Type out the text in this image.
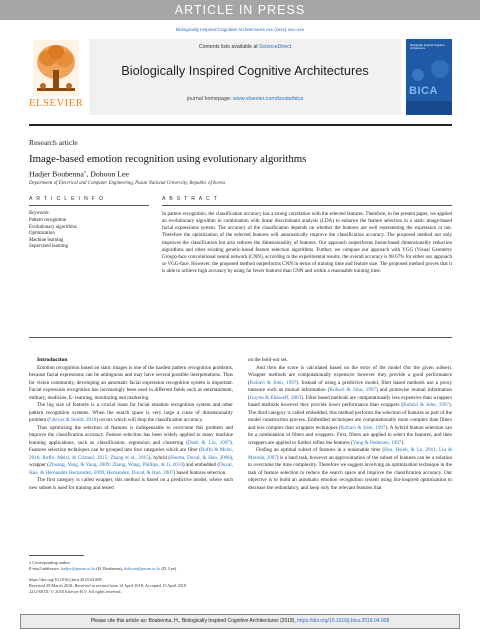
ARTICLE IN PRESS
Biologically Inspired Cognitive Architectures xxx (xxxx) xxx–xxx
ELSEVIER
Contents lists available at ScienceDirect
Biologically Inspired Cognitive Architectures
journal homepage: www.elsevier.com/locate/bica
Biologically Inspired Cognitive Architectures
BICA
Research article
Image-based emotion recognition using evolutionary algorithms
Hadjer Boubenna⁎, Dohoon Lee
Department of Electrical and Computer Engineering, Pusan National University, Republic of Korea
A R T I C L E I N F O	A B S T R A C T
Keywords:
Pattern recognition
Evolutionary algorithms
Optimization
Machine learning
Supervised learning
In pattern recognition, the classification accuracy has a strong correlation with the selected features. Therefore, in the present paper, we applied an evolutionary algorithm in combination with linear discriminant analysis (LDA) to enhance the feature selection in a static image-based facial expressions system. The accuracy of the classification depends on whether the features are well representing the expression or not. Therefore the optimization of the selected features will automatically improve the classification accuracy. The proposed method not only improves the classification but also reduces the dimensionality of features. Our approach outperforms linear-based dimensionality reduction algorithms and other existing genetic-based feature selection algorithms. Further, we compare our approach with VGG (Visual Geometry Group)-face convolutional neural network (CNN), according to the experimental results, the overall accuracy is 98.67% for either our approach or VGG-face. However, the proposed method outperforms CNN in terms of training time and feature size. The proposed method proves that it is able to achieve high accuracy by using far fewer features than CNN and within a reasonable training time.

Introduction

Emotion recognition based on static images is one of the hardest pattern recognition problems, because facial expressions can be ambiguous and may have several possible interpretations. Thus for vision community, developing an automatic facial expression recognition system is important. Facial expression recognition has increasingly been used in different fields such as entertainment, military, medicine, E- learning, monitoring and marketing.

The big size of features is a crucial issue for facial emotion recognition system and other pattern recognition systems. When the search space is very large a curse of dimensionality problem (Gheyas & Smith, 2010) occurs which will drop the classification accuracy.

Thus optimizing the selection of features is indispensable to overcome this problem and improve the classification accuracy. Feature selection has been widely applied to many machine learning applications, such as classification, regression and clustering (Dash & Liu, 1997). Features selection techniques can be grouped into four categories which are filter (Roffo & Melzi, 2016; Roffo, Melzi, & Cristani, 2015; Zhang et al., 2015), hybrid (Huerta, Duval, & Hao, 2006), wrapper (Zhuang, Yang, & Yang, 2009; Zhang, Wang, Phillips, & Ji, 2014) and embedded (Duval, Hao, & Hernandez Hernandez, 2009; Hernandez, Duval, & Hao, 2007) based features selection.

The first category is called wrapper, this method is based on a predictive model, where each new subset is used for training and tested

on the hold-out set.

And then the score is calculated based on the error of the model (for the given subset). Wrapper methods are computationally expensive however they provide a good performance (Kohavi & John, 1997). Instead of using a predictive model, filter based methods use a proxy measure such as mutual information (Kohavi & John, 1997) and pointwise mutual information (Guyon & Elisseeff, 2003). Filter based methods are computationally less expensive than wrappers based methods however they provide lower performance than wrappers (Kohavi & John, 1997). The third category is called embedded, this method performs the selection of features as part of the model construction process. Embedded techniques are computationally more complex than filters and less complex than wrappers techniques (Kohavi & John, 1997). A hybrid feature selection can be a combination of filters and wrappers. First, filters are applied to select the features, and then wrappers are applied to further refine the features (Yang & Pedersen, 1997).

Finding an optimal subset of features in a reasonable time (Hsu, Hsieh, & Lu, 2011; Liu & Motoda, 2007) is a hard task, however an approximation of the subset of features can be a solution to overcome the time complexity. Therefore we suggest involving an optimization technique in the task of feature selection to reduce the search space and improve the classification accuracy. Our objective is to build an automatic emotion recognition system using bio-inspired optimization to decrease the redundancy, and keep only the relevant features that

⁎ Corresponding author.
E-mail addresses: hadjer@pusan.ac.kr (H. Boubenna), dohoon@pusan.ac.kr (D. Lee).
https://doi.org/10.1016/j.bica.2018.04.008
Received 29 March 2018; Received in revised form 14 April 2018; Accepted 15 April 2018
2212-683X/ © 2018 Elsevier B.V. All rights reserved.
Please cite this article as: Boubenna, H., Biologically Inspired Cognitive Architectures (2018), https://doi.org/10.1016/j.bica.2018.04.008
